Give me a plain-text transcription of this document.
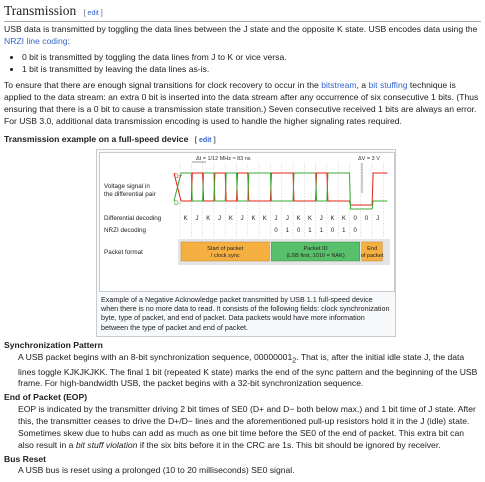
Transmission [ edit ]

USB data is transmitted by toggling the data lines between the J state and the opposite K state. USB encodes data using the NRZI line coding:

• 0 bit is transmitted by toggling the data lines from J to K or vice versa.
• 1 bit is transmitted by leaving the data lines as-is.

To ensure that there are enough signal transitions for clock recovery to occur in the bitstream, a bit stuffing technique is applied to the data stream: an extra 0 bit is inserted into the data stream after any occurrence of six consecutive 1 bits. (Thus ensuring that there is a 0 bit to cause a transmission state transition.) Seven consecutive received 1 bits are always an error. For USB 3.0, additional data transmission encoding is used to handle the higher signaling rates required.

Transmission example on a full-speed device [ edit ]
Δt = 1/12 MHz ≈ 83 ns	ΔV = 3 V
Voltage signal in
the differential pair
D+
D-
Differential decoding
NRZI decoding
K J K J K J K K J J K K J K K 0 0 J
0 1 0 1 1 0 1 0
Packet format	Start of packet
/ clock sync
Packet ID
(LSB first, 1010 = NAK)
End
of packet
Example of a Negative Acknowledge packet transmitted by USB 1.1 full-speed device when there is no more data to read. It consists of the following fields: clock synchronization byte, type of packet, and end of packet. Data packets would have more information between the type of packet and end of packet.
Synchronization Pattern
A USB packet begins with an 8-bit synchronization sequence, $00000001_2$. That is, after the initial idle state J, the data lines toggle KJKJKJKK. The final 1 bit (repeated K state) marks the end of the sync pattern and the beginning of the USB frame. For high-bandwidth USB, the packet begins with a 32-bit synchronization sequence.
End of Packet (EOP)
EOP is indicated by the transmitter driving 2 bit times of SE0 (D+ and D− both below max.) and 1 bit time of J state. After this, the transmitter ceases to drive the D+/D− lines and the aforementioned pull-up resistors hold it in the J (idle) state. Sometimes skew due to hubs can add as much as one bit time before the SE0 of the end of packet. This extra bit can also result in a bit stuff violation if the six bits before it in the CRC are 1s. This bit should be ignored by receiver.
Bus Reset
A USB bus is reset using a prolonged (10 to 20 milliseconds) SE0 signal.
